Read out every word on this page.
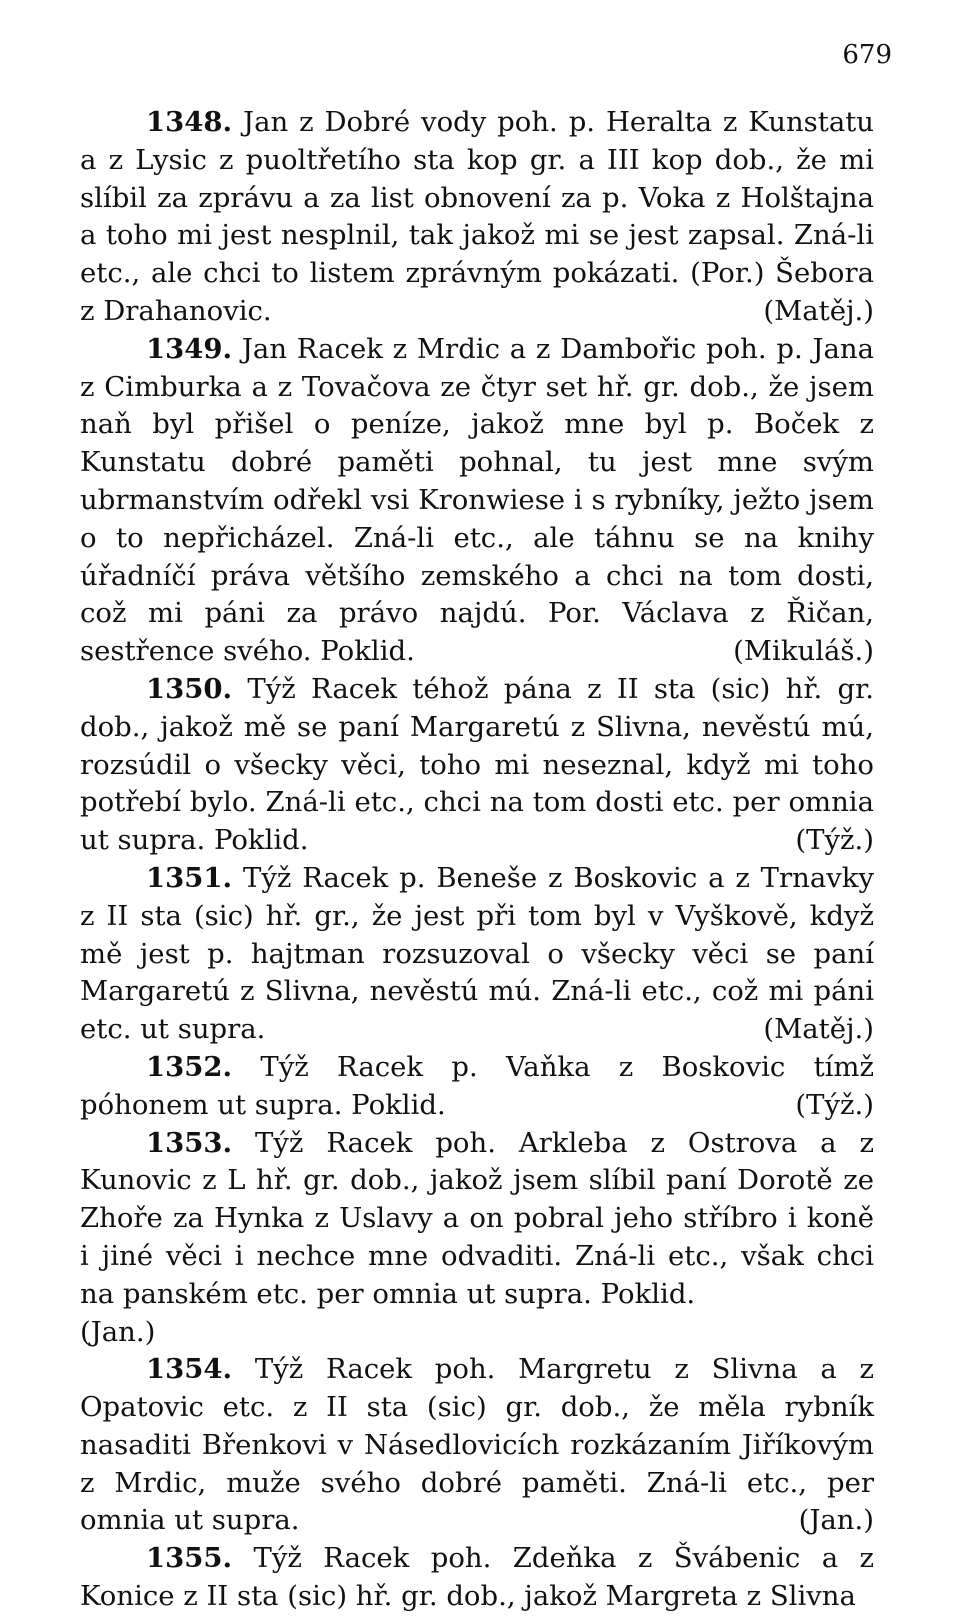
679

1348. Jan z Dobré vody poh. p. Heralta z Kunstatu a z Lysic z puoltřetího sta kop gr. a III kop dob., že mi slíbil za zprávu a za list obnovení za p. Voka z Holštajna a toho mi jest nesplnil, tak jakož mi se jest zapsal. Zná-li etc., ale chci to listem zprávným pokázati. (Por.) Šebora z Drahanovic.	(Matěj.)

1349. Jan Racek z Mrdic a z Dambořic poh. p. Jana z Cimburka a z Tovačova ze čtyr set hř. gr. dob., že jsem naň byl přišel o peníze, jakož mne byl p. Boček z Kunstatu dobré paměti pohnal, tu jest mne svým ubrmanstvím odřekl vsi Kronwiese i s rybníky, ježto jsem o to nepřicházel. Zná-li etc., ale táhnu se na knihy úřadníčí práva většího zemského a chci na tom dosti, což mi páni za právo najdú. Por. Václava z Řičan, sestřence svého. Poklid.	(Mikuláš.)

1350. Týž Racek téhož pána z II sta (sic) hř. gr. dob., jakož mě se paní Margaretú z Slivna, nevěstú mú, rozsúdil o všecky věci, toho mi neseznal, když mi toho potřebí bylo. Zná-li etc., chci na tom dosti etc. per omnia ut supra. Poklid.	(Týž.)

1351. Týž Racek p. Beneše z Boskovic a z Trnavky z II sta (sic) hř. gr., že jest při tom byl v Vyškově, když mě jest p. hajtman rozsuzoval o všecky věci se paní Margaretú z Slivna, nevěstú mú. Zná-li etc., což mi páni etc. ut supra.	(Matěj.)

1352. Týž Racek p. Vaňka z Boskovic tímž póhonem ut supra. Poklid.	(Týž.)

1353. Týž Racek poh. Arkleba z Ostrova a z Kunovic z L hř. gr. dob., jakož jsem slíbil paní Dorotě ze Zhoře za Hynka z Uslavy a on pobral jeho stříbro i koně i jiné věci i nechce mne odvaditi. Zná-li etc., však chci na panském etc. per omnia ut supra. Poklid.
(Jan.)

1354. Týž Racek poh. Margretu z Slivna a z Opatovic etc. z II sta (sic) gr. dob., že měla rybník nasaditi Břenkovi v Násedlovicích rozkázaním Jiříkovým z Mrdic, muže svého dobré paměti. Zná-li etc., per omnia ut supra.	(Jan.)

1355. Týž Racek poh. Zdeňka z Švábenic a z Konice z II sta (sic) hř. gr. dob., jakož Margreta z Slivna
